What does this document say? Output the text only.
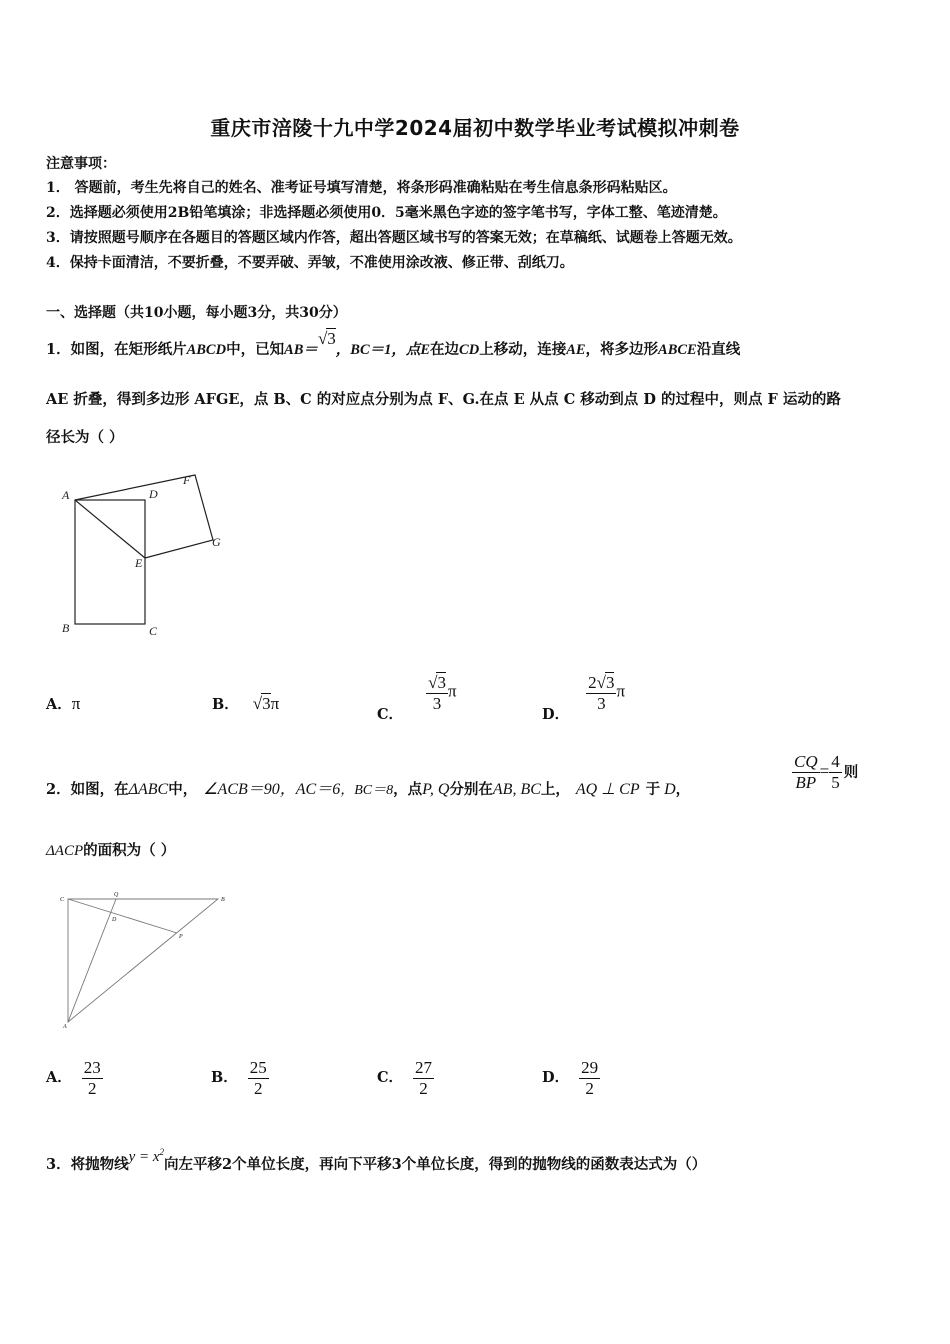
重庆市涪陵十九中学2024届初中数学毕业考试模拟冲刺卷
注意事项：
1． 答题前，考生先将自己的姓名、准考证号填写清楚，将条形码准确粘贴在考生信息条形码粘贴区。
2．选择题必须使用2B铅笔填涂；非选择题必须使用0．5毫米黑色字迹的签字笔书写，字体工整、笔迹清楚。
3．请按照题号顺序在各题目的答题区域内作答，超出答题区域书写的答案无效；在草稿纸、试题卷上答题无效。
4．保持卡面清洁，不要折叠，不要弄破、弄皱，不准使用涂改液、修正带、刮纸刀。
一、选择题（共10小题，每小题3分，共30分）
1．如图，在矩形纸片ABCD中，已知AB＝√3，BC＝1，点E在边CD上移动，连接AE，将多边形ABCE沿直线
AE 折叠，得到多边形 AFGE，点 B、C 的对应点分别为点 F、G.在点 E 从点 C 移动到点 D 的过程中，则点 F 运动的路
径长为（ ）
A	D
F
G
E
B	C
A．π	B． √3π
C．
$\frac{√3}{3}$ π
D．
$\frac{2√3}{3}$ π
2．如图，在ΔABC中， ∠ACB＝90，AC＝6，BC＝8，点P, Q分别在AB, BC上， AQ ⊥ CP 于 D，	$\frac{CQ}{BP} = \frac{4}{5}$ 则
ΔACP的面积为（ ）
C
Q
B
D
P
A
A． $\frac{23}{2}$	B． $\frac{25}{2}$	C． $\frac{27}{2}$	D． $\frac{29}{2}$
3．将抛物线$y = x^2$向左平移2个单位长度，再向下平移3个单位长度，得到的抛物线的函数表达式为（）
